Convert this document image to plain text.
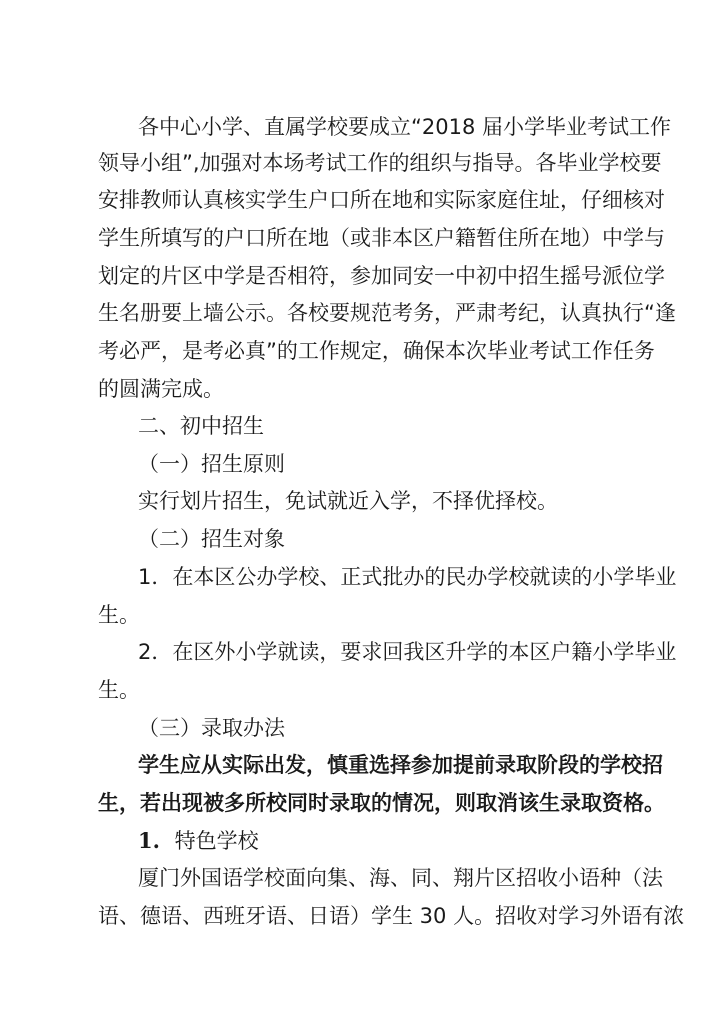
各中心小学、直属学校要成立“2018 届小学毕业考试工作
领导小组”,加强对本场考试工作的组织与指导。各毕业学校要
安排教师认真核实学生户口所在地和实际家庭住址，仔细核对
学生所填写的户口所在地（或非本区户籍暂住所在地）中学与
划定的片区中学是否相符，参加同安一中初中招生摇号派位学
生名册要上墙公示。各校要规范考务，严肃考纪，认真执行“逢
考必严，是考必真”的工作规定，确保本次毕业考试工作任务
的圆满完成。
二、初中招生
（一）招生原则
实行划片招生，免试就近入学，不择优择校。
（二）招生对象
1．在本区公办学校、正式批办的民办学校就读的小学毕业
生。
2．在区外小学就读，要求回我区升学的本区户籍小学毕业
生。
（三）录取办法
学生应从实际出发，慎重选择参加提前录取阶段的学校招
生，若出现被多所校同时录取的情况，则取消该生录取资格。
1. 特色学校
厦门外国语学校面向集、海、同、翔片区招收小语种（法
语、德语、西班牙语、日语）学生 30 人。招收对学习外语有浓
